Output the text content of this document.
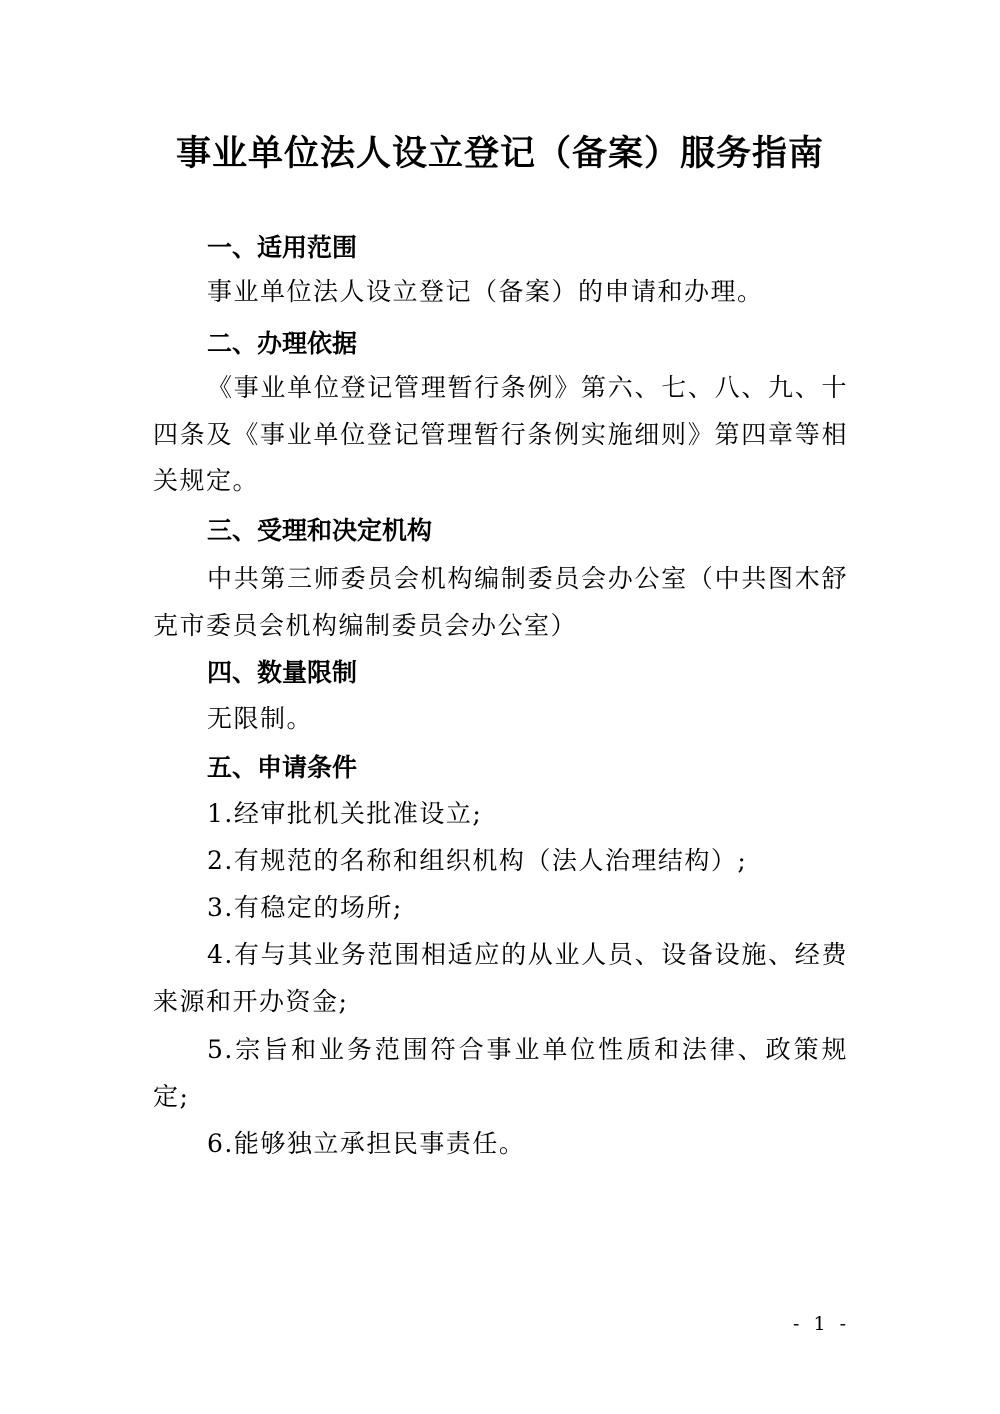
事业单位法人设立登记（备案）服务指南
一、适用范围
事业单位法人设立登记（备案）的申请和办理。
二、办理依据
《事业单位登记管理暂行条例》第六、七、八、九、十四条及《事业单位登记管理暂行条例实施细则》第四章等相关规定。
三、受理和决定机构
中共第三师委员会机构编制委员会办公室（中共图木舒克市委员会机构编制委员会办公室）
四、数量限制
无限制。
五、申请条件
1.经审批机关批准设立;
2.有规范的名称和组织机构（法人治理结构）;
3.有稳定的场所;
4.有与其业务范围相适应的从业人员、设备设施、经费来源和开办资金;
5.宗旨和业务范围符合事业单位性质和法律、政策规定;
6.能够独立承担民事责任。
- 1 -
